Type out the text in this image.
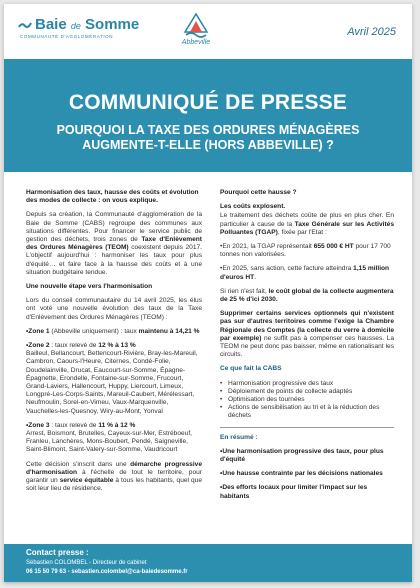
Baie de Somme
COMMUNAUTÉ D'AGGLOMÉRATION
Abbeville
Avril 2025
COMMUNIQUÉ DE PRESSE
POURQUOI LA TAXE DES ORDURES MÉNAGÈRES
AUGMENTE-T-ELLE (HORS ABBEVILLE) ?

Harmonisation des taux, hausse des coûts et évolution des modes de collecte : on vous explique.

Depuis sa création, la Communauté d'agglomération de la Baie de Somme (CABS) regroupe des communes aux situations différentes. Pour financer le service public de gestion des déchets, trois zones de Taxe d'Enlèvement des Ordures Ménagères (TEOM) coexistent depuis 2017. L'objectif aujourd'hui : harmoniser les taux pour plus d'équité… et faire face à la hausse des coûts et à une situation budgétaire tendue.

Une nouvelle étape vers l'harmonisation

Lors du conseil communautaire du 14 avril 2025, les élus ont voté une nouvelle évolution des taux de la Taxe d'Enlèvement des Ordures Ménagères (TEOM) :

•Zone 1 (Abbeville uniquement) : taux maintenu à 14,21 %

•Zone 2 : taux relevé de 12 % à 13 %
Bailleul, Bellancourt, Bettencourt-Rivière, Bray-les-Mareuil, Cambron, Caours-l'Heure, Citernes, Condé-Folie, Doudelainville, Drucat, Eaucourt-sur-Somme, Épagne-Épagnette, Erondelle, Fontaine-sur-Somme, Frucourt, Grand-Laviers, Hallencourt, Huppy, Liercourt, Limeux, Longpré-Les-Corps-Saints, Mareuil-Caubert, Mérélessart, Neufmoulin, Sorel-en-Vimeu, Vaux-Marquenville, Vauchelles-les-Quesnoy, Wiry-au-Mont, Yonval

•Zone 3 : taux relevé de 11 % à 12 %
Arrest, Boismont, Brutelles, Cayeux-sur-Mer, Estréboeuf, Franleu, Lanchères, Mons-Boubert, Pendé, Saigneville, Saint-Blimont, Saint-Valery-sur-Somme, Vaudricourt

Cette décision s'inscrit dans une démarche progressive d'harmonisation à l'échelle de tout le territoire, pour garantir un service équitable à tous les habitants, quel que soit leur lieu de résidence.

Pourquoi cette hausse ?

Les coûts explosent.

Le traitement des déchets coûte de plus en plus cher. En particulier à cause de la Taxe Générale sur les Activités Polluantes (TGAP), fixée par l'Etat :

•En 2021, la TGAP représentait 655 000 € HT pour 17 700 tonnes non valorisées.

•En 2025, sans action, cette facture atteindra 1,15 million d'euros HT.

Si rien n'est fait, le coût global de la collecte augmentera de 25 % d'ici 2030.

Supprimer certains services optionnels qui n'existent pas sur d'autres territoires comme l'exige la Chambre Régionale des Comptes (la collecte du verre à domicile par exemple) ne suffit pas à compenser ces hausses. La TEOM ne peut donc pas baisser, même en rationalisant les circuits.

Ce que fait la CABS

• Harmonisation progressive des taux
• Déploiement de points de collecte adaptés
• Optimisation des tournées
• Actions de sensibilisation au tri et à la réduction des déchets

En résumé :

•Une harmonisation progressive des taux, pour plus d'équité

•Une hausse contrainte par les décisions nationales

•Des efforts locaux pour limiter l'impact sur les habitants

Contact presse :
Sébastien COLOMBEL - Directeur de cabinet
06 15 50 79 63 - sebastien.colombel@ca-baiedesomme.fr
